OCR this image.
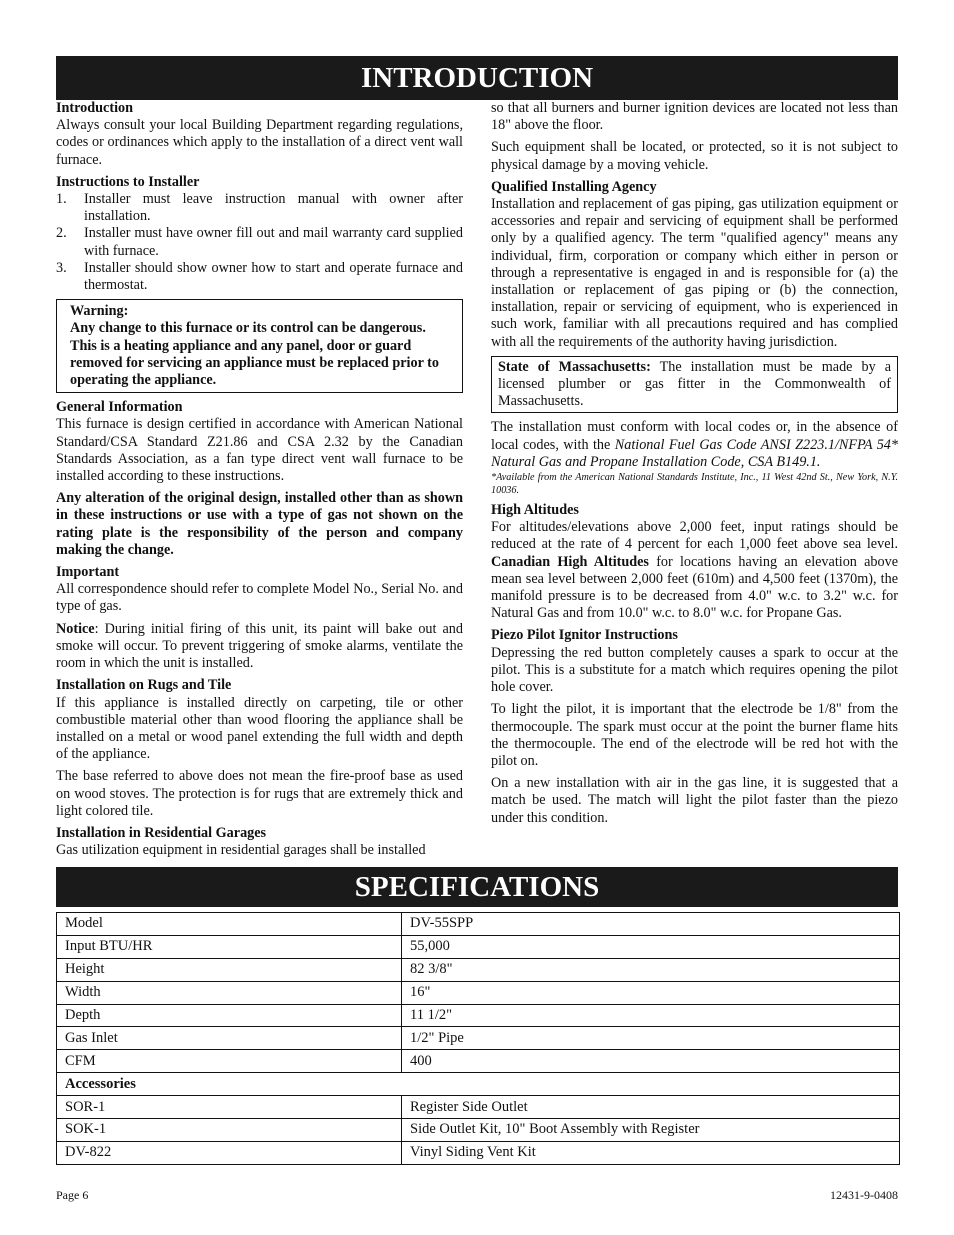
INTRODUCTION

Introduction

Always consult your local Building Department regarding regulations, codes or ordinances which apply to the installation of a direct vent wall furnace.

Instructions to Installer

1. Installer must leave instruction manual with owner after installation.
2. Installer must have owner fill out and mail warranty card supplied with furnace.
3. Installer should show owner how to start and operate furnace and thermostat.

Warning:

Any change to this furnace or its control can be dangerous. This is a heating appliance and any panel, door or guard removed for servicing an appliance must be replaced prior to operating the appliance.

General Information

This furnace is design certified in accordance with American National Standard/CSA Standard Z21.86 and CSA 2.32 by the Canadian Standards Association, as a fan type direct vent wall furnace to be installed according to these instructions.

Any alteration of the original design, installed other than as shown in these instructions or use with a type of gas not shown on the rating plate is the responsibility of the person and company making the change.

Important

All correspondence should refer to complete Model No., Serial No. and type of gas.

Notice: During initial firing of this unit, its paint will bake out and smoke will occur. To prevent triggering of smoke alarms, ventilate the room in which the unit is installed.

Installation on Rugs and Tile

If this appliance is installed directly on carpeting, tile or other combustible material other than wood flooring the appliance shall be installed on a metal or wood panel extending the full width and depth of the appliance.

The base referred to above does not mean the fire-proof base as used on wood stoves. The protection is for rugs that are extremely thick and light colored tile.

Installation in Residential Garages

Gas utilization equipment in residential garages shall be installed

so that all burners and burner ignition devices are located not less than 18" above the floor.

Such equipment shall be located, or protected, so it is not subject to physical damage by a moving vehicle.

Qualified Installing Agency

Installation and replacement of gas piping, gas utilization equipment or accessories and repair and servicing of equipment shall be performed only by a qualified agency. The term "qualified agency" means any individual, firm, corporation or company which either in person or through a representative is engaged in and is responsible for (a) the installation or replacement of gas piping or (b) the connection, installation, repair or servicing of equipment, who is experienced in such work, familiar with all precautions required and has complied with all the requirements of the authority having jurisdiction.

State of Massachusetts: The installation must be made by a licensed plumber or gas fitter in the Commonwealth of Massachusetts.

The installation must conform with local codes or, in the absence of local codes, with the National Fuel Gas Code ANSI Z223.1/NFPA 54* Natural Gas and Propane Installation Code, CSA B149.1.

*Available from the American National Standards Institute, Inc., 11 West 42nd St., New York, N.Y. 10036.

High Altitudes

For altitudes/elevations above 2,000 feet, input ratings should be reduced at the rate of 4 percent for each 1,000 feet above sea level. Canadian High Altitudes for locations having an elevation above mean sea level between 2,000 feet (610m) and 4,500 feet (1370m), the manifold pressure is to be decreased from 4.0" w.c. to 3.2" w.c. for Natural Gas and from 10.0" w.c. to 8.0" w.c. for Propane Gas.

Piezo Pilot Ignitor Instructions

Depressing the red button completely causes a spark to occur at the pilot. This is a substitute for a match which requires opening the pilot hole cover.

To light the pilot, it is important that the electrode be 1/8" from the thermocouple. The spark must occur at the point the burner flame hits the thermocouple. The end of the electrode will be red hot with the pilot on.

On a new installation with air in the gas line, it is suggested that a match be used. The match will light the pilot faster than the piezo under this condition.

SPECIFICATIONS
Model	DV-55SPP
Input BTU/HR	55,000
Height	82 3/8"
Width	16"
Depth	11 1/2"
Gas Inlet	1/2" Pipe
CFM	400
Accessories	
SOR-1	Register Side Outlet
SOK-1	Side Outlet Kit, 10" Boot Assembly with Register
DV-822	Vinyl Siding Vent Kit
Page 6	12431-9-0408
